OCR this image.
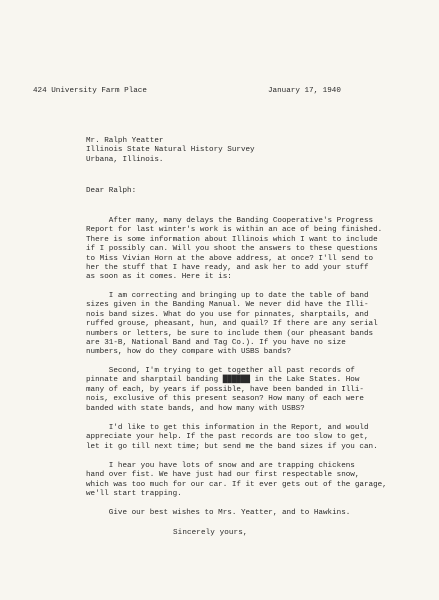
424 University Farm Place	January 17, 1940

Mr. Ralph Yeatter

Illinois State Natural History Survey

Urbana, Illinois.

Dear Ralph:

After many, many delays the Banding Cooperative's Progress

Report for last winter's work is within an ace of being finished.

There is some information about Illinois which I want to include

if I possibly can. Will you shoot the answers to these questions

to Miss Vivian Horn at the above address, at once? I'll send to

her the stuff that I have ready, and ask her to add your stuff

as soon as it comes. Here it is:

I am correcting and bringing up to date the table of band

sizes given in the Banding Manual. We never did have the Illi-

nois band sizes. What do you use for pinnates, sharptails, and

ruffed grouse, pheasant, hun, and quail? If there are any serial

numbers or letters, be sure to include them (our pheasant bands

are 31-B, National Band and Tag Co.). If you have no size

numbers, how do they compare with USBS bands?

Second, I'm trying to get together all past records of

pinnate and sharptail banding ██████ in the Lake States. How

many of each, by years if possible, have been banded in Illi-

nois, exclusive of this present season? How many of each were

banded with state bands, and how many with USBS?

I'd like to get this information in the Report, and would

appreciate your help. If the past records are too slow to get,

let it go till next time; but send me the band sizes if you can.

I hear you have lots of snow and are trapping chickens

hand over fist. We have just had our first respectable snow,

which was too much for our car. If it ever gets out of the garage,

we'll start trapping.

Give our best wishes to Mrs. Yeatter, and to Hawkins.

Sincerely yours,
